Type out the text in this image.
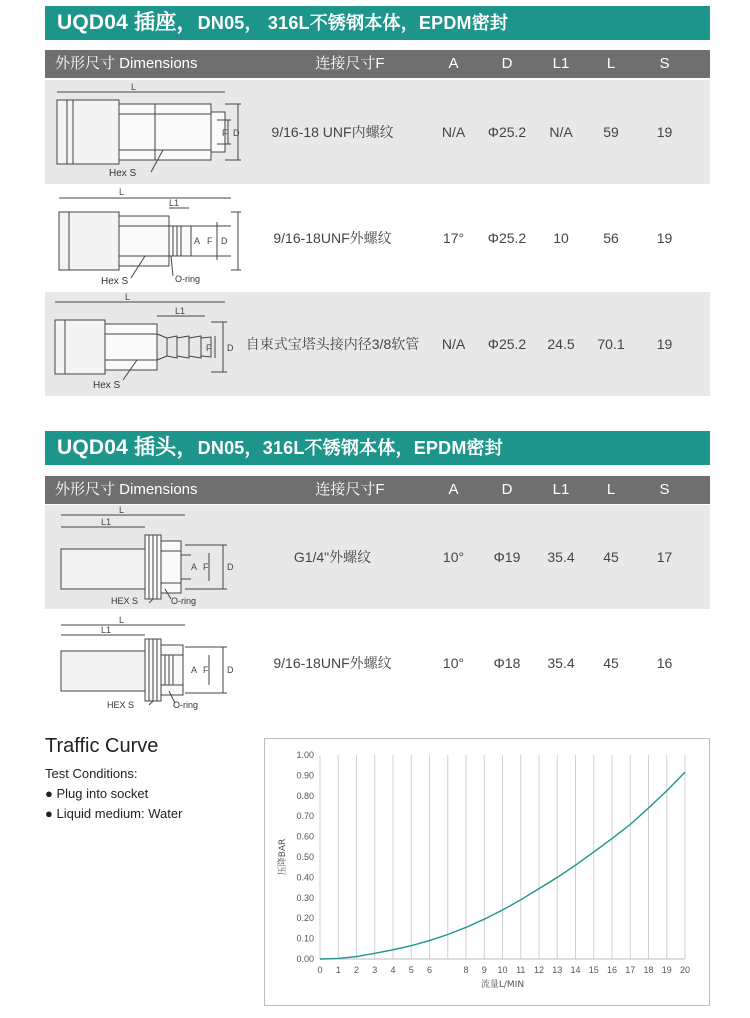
UQD04 插座，DN05， 316L不锈钢本体，EPDM密封
外形尺寸 Dimensions	连接尺寸F	A	D	L1	L	S
L
Hex S
F D	9/16-18 UNF内螺纹	N/A	Φ25.2	N/A	59	19
L
L1
Hex S	O-ring
A F D	9/16-18UNF外螺纹	17°	Φ25.2	10	56	19
L
L1
Hex S
F D 自束式宝塔头接内径3/8软管	N/A	Φ25.2	24.5	70.1	19
UQD04 插头，DN05，316L不锈钢本体，EPDM密封
外形尺寸 Dimensions	连接尺寸F	A	D	L1	L	S
L
L1
HEX S	O-ring
A F D
G1/4"外螺纹	10°	Φ19	35.4	45	17
L
L1
HEX S	O-ring
A F D	9/16-18UNF外螺纹	10°	Φ18	35.4	45	16
Traffic Curve
Test Conditions:
● Plug into socket
● Liquid medium: Water
0.00
0.10
0.20
0.30
0.40
0.50
0.60
0.70
0.80
0.90
1.00
0 1 2 3 4 5 6	8 9 10 11 12 13 14 15 16 17 18 19 20
流量L/MIN
压降BAR
